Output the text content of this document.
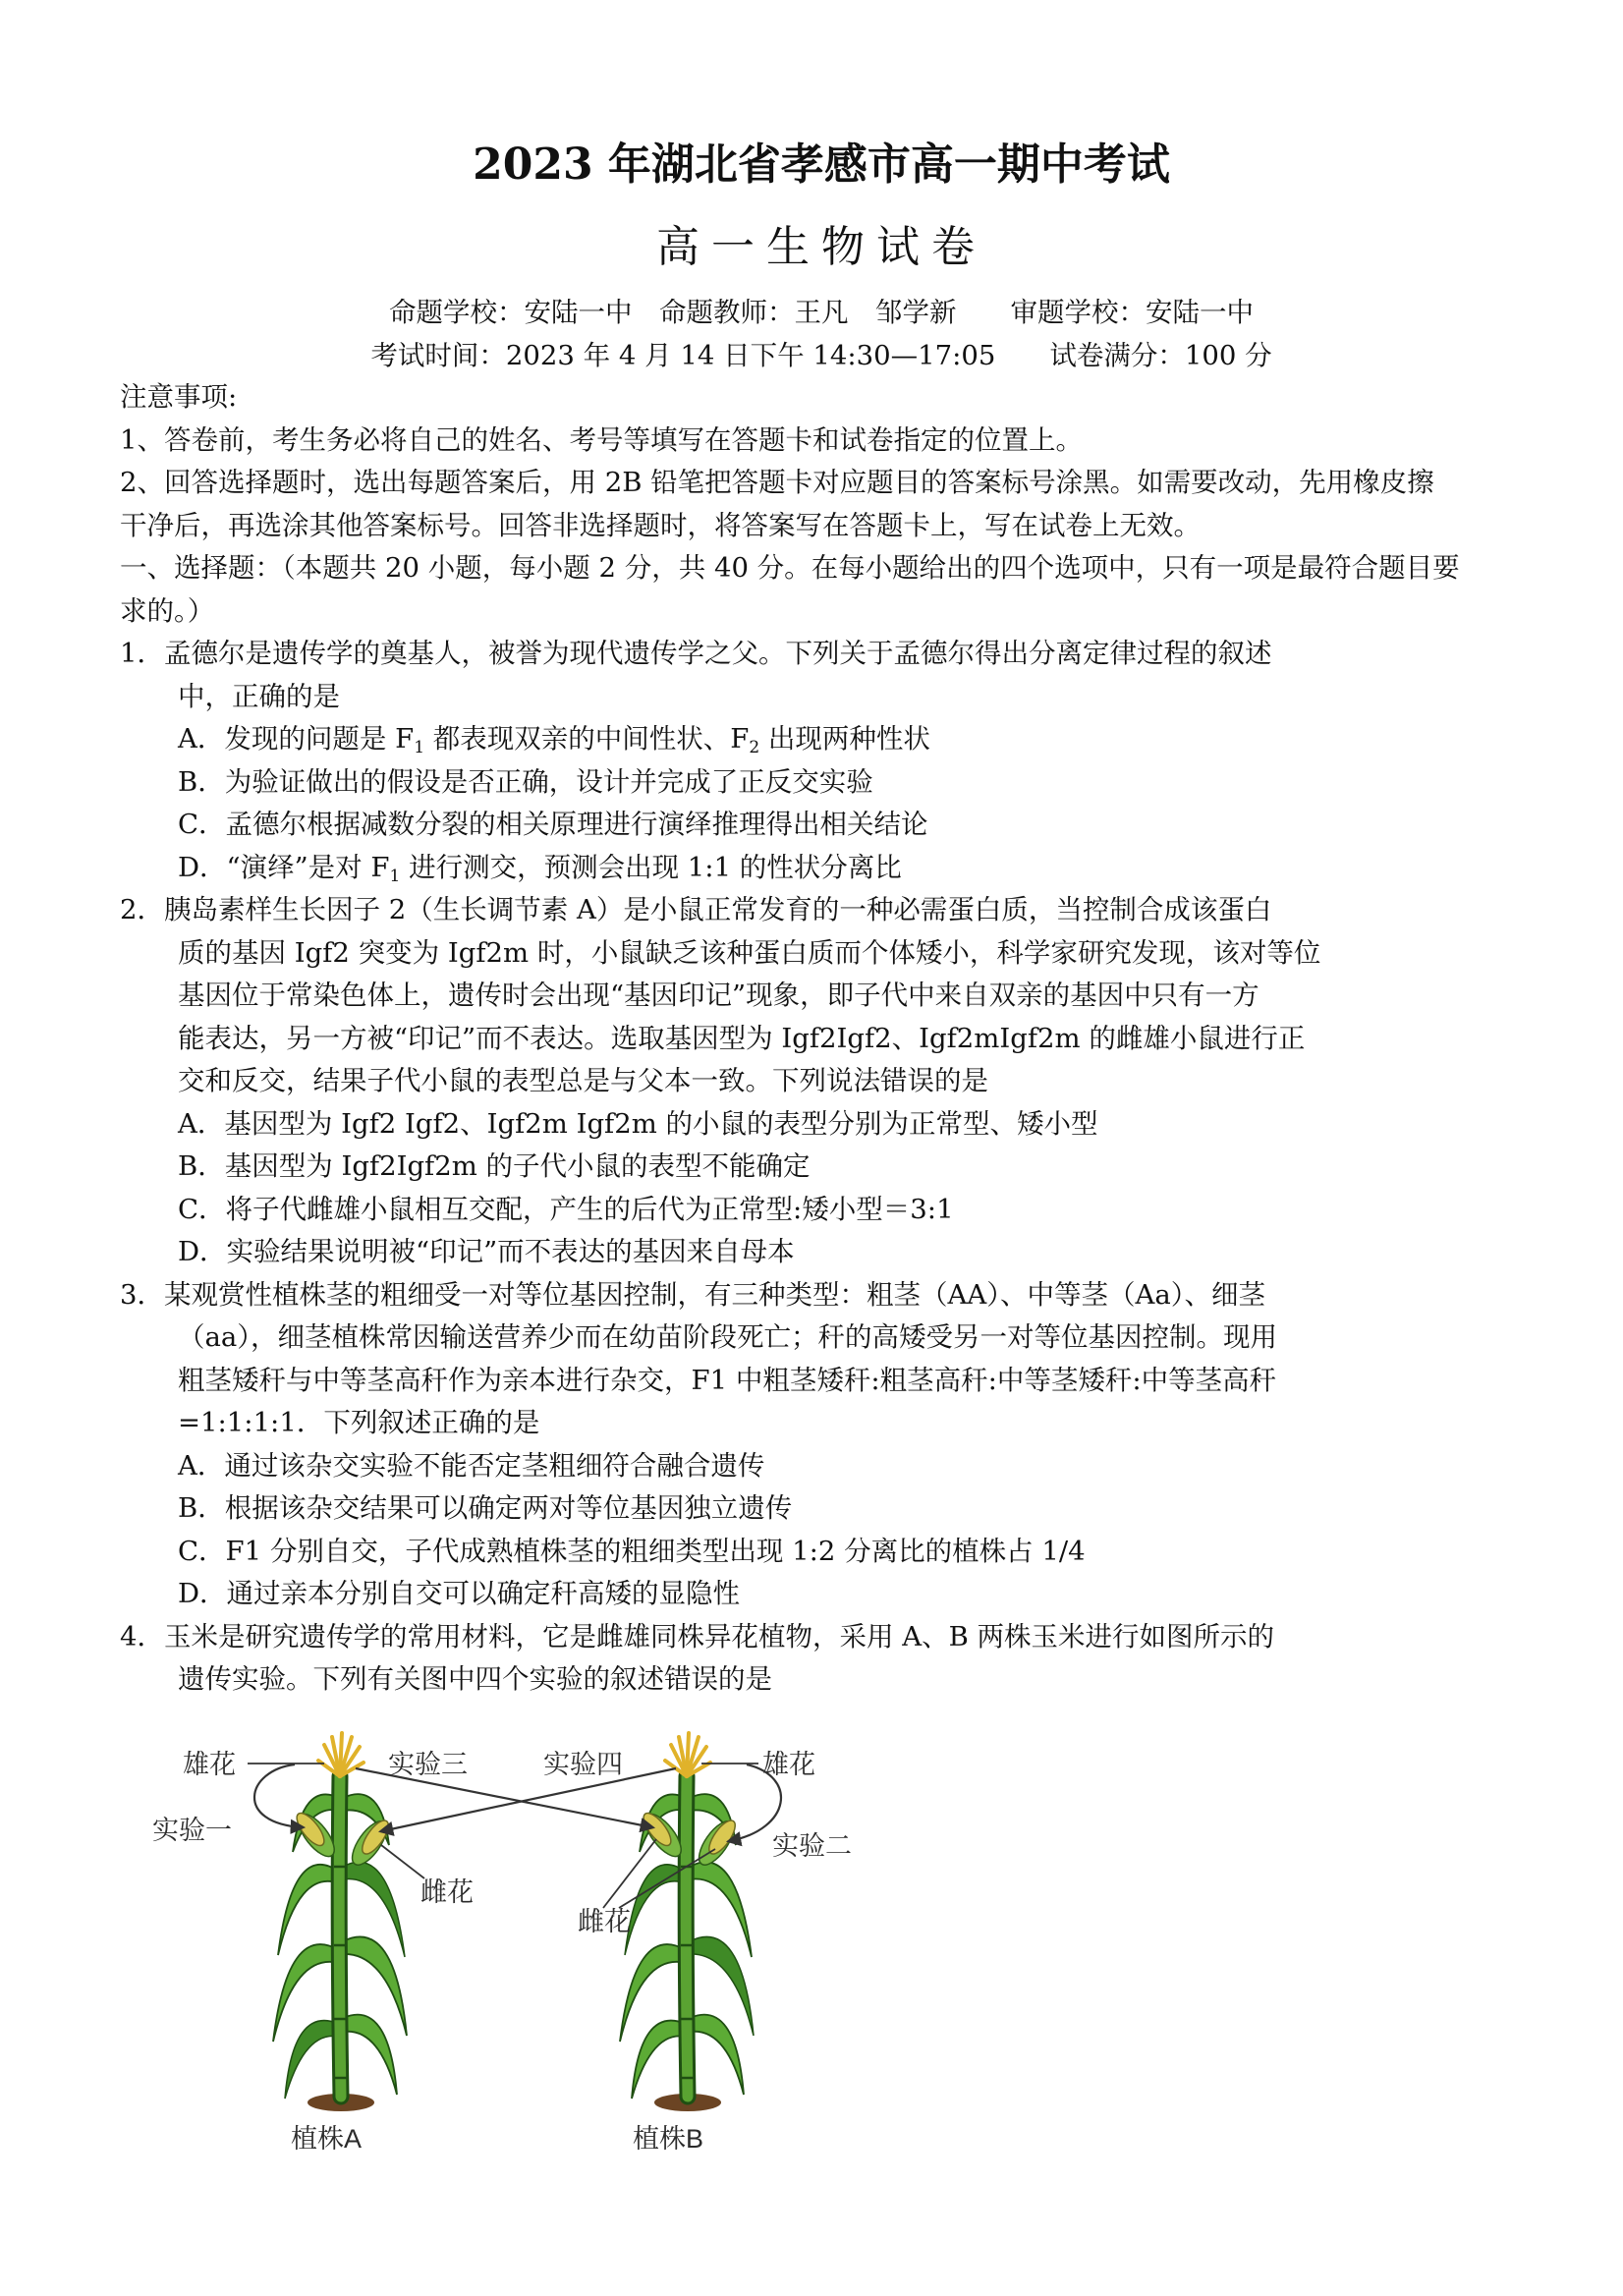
2023 年湖北省孝感市高一期中考试
高一生物试卷
命题学校：安陆一中　命题教师：王凡　邹学新　　审题学校：安陆一中
考试时间：2023 年 4 月 14 日下午 14:30—17:05　　试卷满分：100 分
注意事项:
1、答卷前，考生务必将自己的姓名、考号等填写在答题卡和试卷指定的位置上。
2、回答选择题时，选出每题答案后，用 2B 铅笔把答题卡对应题目的答案标号涂黑。如需要改动，先用橡皮擦
干净后，再选涂其他答案标号。回答非选择题时，将答案写在答题卡上，写在试卷上无效。
一、选择题：（本题共 20 小题，每小题 2 分，共 40 分。在每小题给出的四个选项中，只有一项是最符合题目要
求的。）
1．孟德尔是遗传学的奠基人，被誉为现代遗传学之父。下列关于孟德尔得出分离定律过程的叙述
中，正确的是
A．发现的问题是 $F_1$ 都表现双亲的中间性状、$F_2$ 出现两种性状
B．为验证做出的假设是否正确，设计并完成了正反交实验
C．孟德尔根据减数分裂的相关原理进行演绎推理得出相关结论
D．“演绎”是对 $F_1$ 进行测交，预测会出现 1:1 的性状分离比
2．胰岛素样生长因子 2（生长调节素 A）是小鼠正常发育的一种必需蛋白质，当控制合成该蛋白
质的基因 Igf2 突变为 Igf2m 时，小鼠缺乏该种蛋白质而个体矮小，科学家研究发现，该对等位
基因位于常染色体上，遗传时会出现“基因印记”现象，即子代中来自双亲的基因中只有一方
能表达，另一方被“印记”而不表达。选取基因型为 Igf2Igf2、Igf2mIgf2m 的雌雄小鼠进行正
交和反交，结果子代小鼠的表型总是与父本一致。下列说法错误的是
A．基因型为 Igf2 Igf2、Igf2m Igf2m 的小鼠的表型分别为正常型、矮小型
B．基因型为 Igf2Igf2m 的子代小鼠的表型不能确定
C．将子代雌雄小鼠相互交配，产生的后代为正常型:矮小型＝3:1
D．实验结果说明被“印记”而不表达的基因来自母本
3．某观赏性植株茎的粗细受一对等位基因控制，有三种类型：粗茎（AA）、中等茎（Aa）、细茎
（aa），细茎植株常因输送营养少而在幼苗阶段死亡；秆的高矮受另一对等位基因控制。现用
粗茎矮秆与中等茎高秆作为亲本进行杂交，F1 中粗茎矮秆:粗茎高秆:中等茎矮秆:中等茎高秆
=1:1:1:1．下列叙述正确的是
A．通过该杂交实验不能否定茎粗细符合融合遗传
B．根据该杂交结果可以确定两对等位基因独立遗传
C．F1 分别自交，子代成熟植株茎的粗细类型出现 1:2 分离比的植株占 1/4
D．通过亲本分别自交可以确定秆高矮的显隐性
4．玉米是研究遗传学的常用材料，它是雌雄同株异花植物，采用 A、B 两株玉米进行如图所示的
遗传实验。下列有关图中四个实验的叙述错误的是
雄花	实验三	实验四	雄花
实验一
实验二
雌花
雌花
植株A	植株B
